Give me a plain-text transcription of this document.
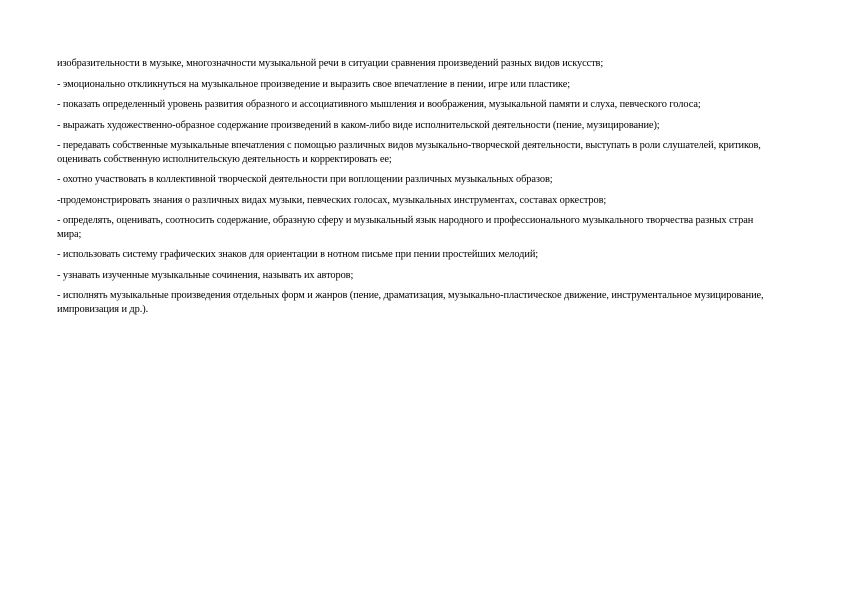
изобразительности в музыке, многозначности музыкальной речи в ситуации сравнения произведений разных видов искусств;

- эмоционально откликнуться на музыкальное произведение и выразить свое впечатление в пении, игре или пластике;

- показать определенный уровень развития образного и ассоциативного мышления и воображения, музыкальной памяти и слуха, певческого голоса;

- выражать художественно-образное содержание произведений в каком-либо виде исполнительской деятельности (пение, музицирование);

- передавать собственные музыкальные впечатления с помощью различных видов музыкально-творческой деятельности, выступать в роли слушателей, критиков, оценивать собственную исполнительскую деятельность и корректировать ее;

- охотно участвовать в коллективной творческой деятельности при воплощении различных музыкальных образов;

-продемонстрировать знания о различных видах музыки, певческих голосах, музыкальных инструментах, составах оркестров;

- определять, оценивать, соотносить содержание, образную сферу и музыкальный язык народного и профессионального музыкального творчества разных стран мира;

- использовать систему графических знаков для ориентации в нотном письме при пении простейших мелодий;

- узнавать изученные музыкальные сочинения, называть их авторов;

- исполнять музыкальные произведения отдельных форм и жанров (пение, драматизация, музыкально-пластическое движение, инструментальное музицирование, импровизация и др.).
